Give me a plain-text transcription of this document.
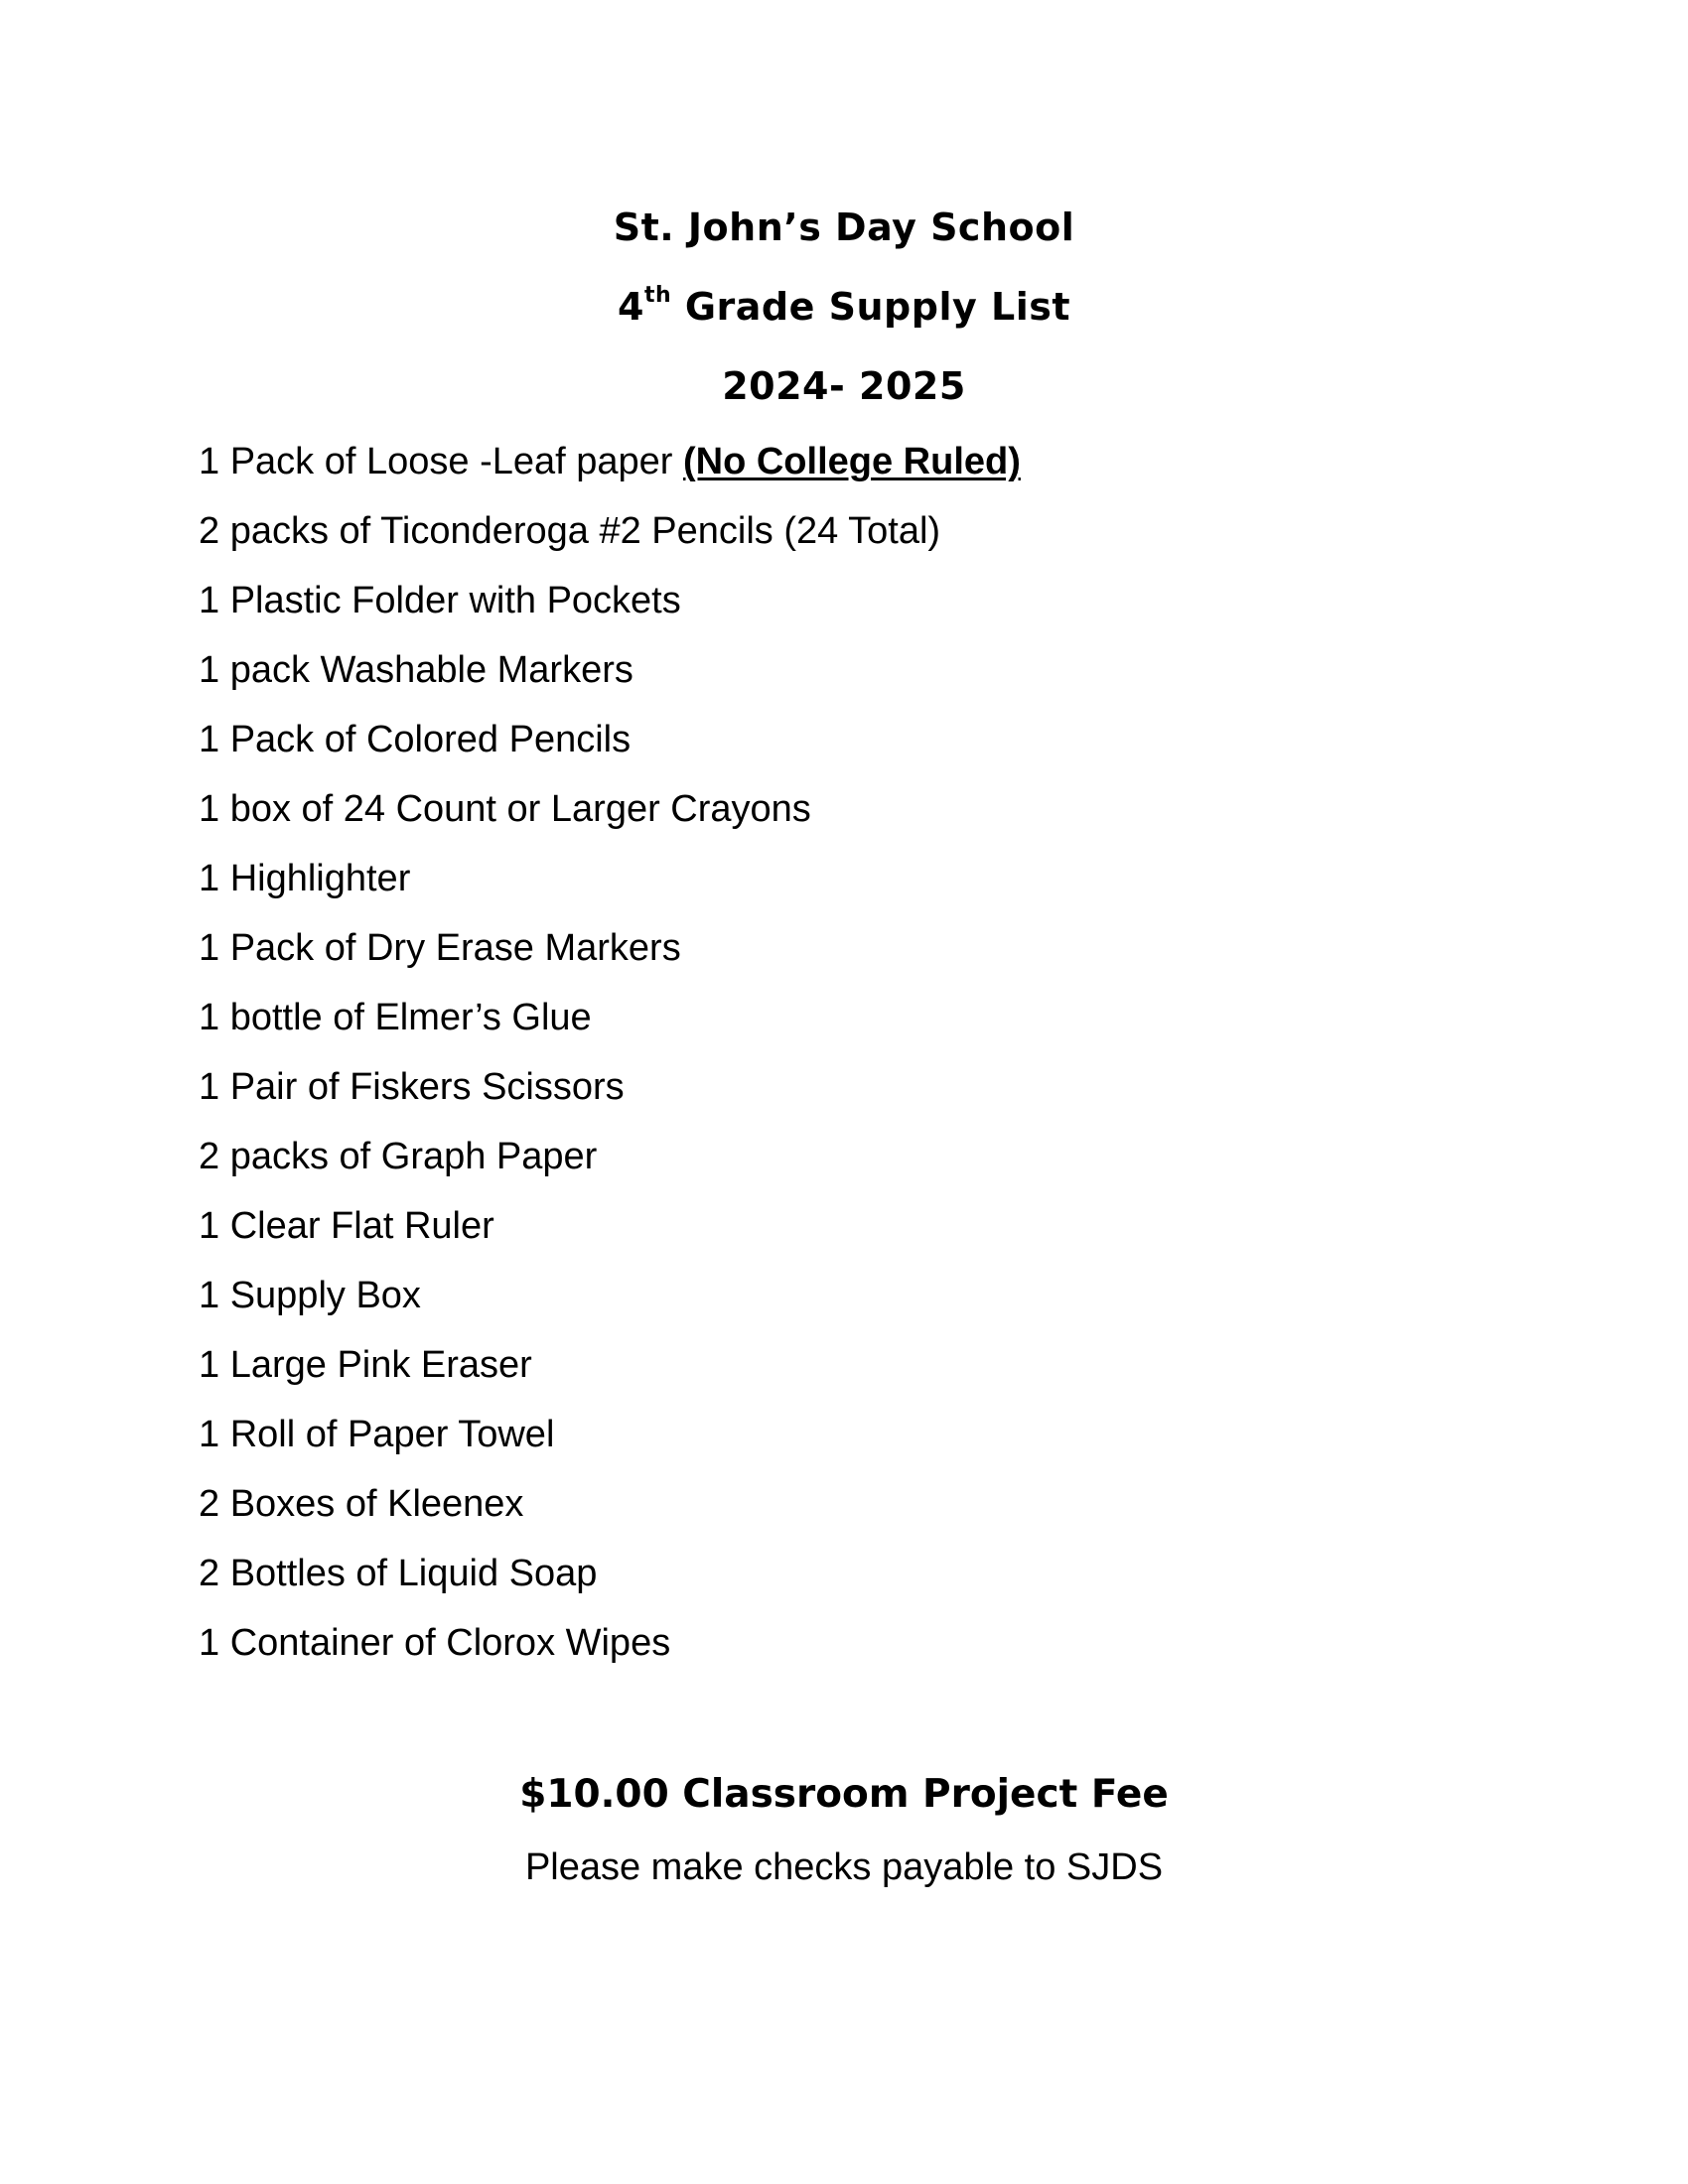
St. John’s Day School
4th Grade Supply List
2024- 2025
1 Pack of Loose -Leaf paper (No College Ruled)
2 packs of Ticonderoga #2 Pencils (24 Total)
1 Plastic Folder with Pockets
1 pack Washable Markers
1 Pack of Colored Pencils
1 box of 24 Count or Larger Crayons
1 Highlighter
1 Pack of Dry Erase Markers
1 bottle of Elmer’s Glue
1 Pair of Fiskers Scissors
2 packs of Graph Paper
1 Clear Flat Ruler
1 Supply Box
1 Large Pink Eraser
1 Roll of Paper Towel
2 Boxes of Kleenex
2 Bottles of Liquid Soap
1 Container of Clorox Wipes
$10.00 Classroom Project Fee
Please make checks payable to SJDS
